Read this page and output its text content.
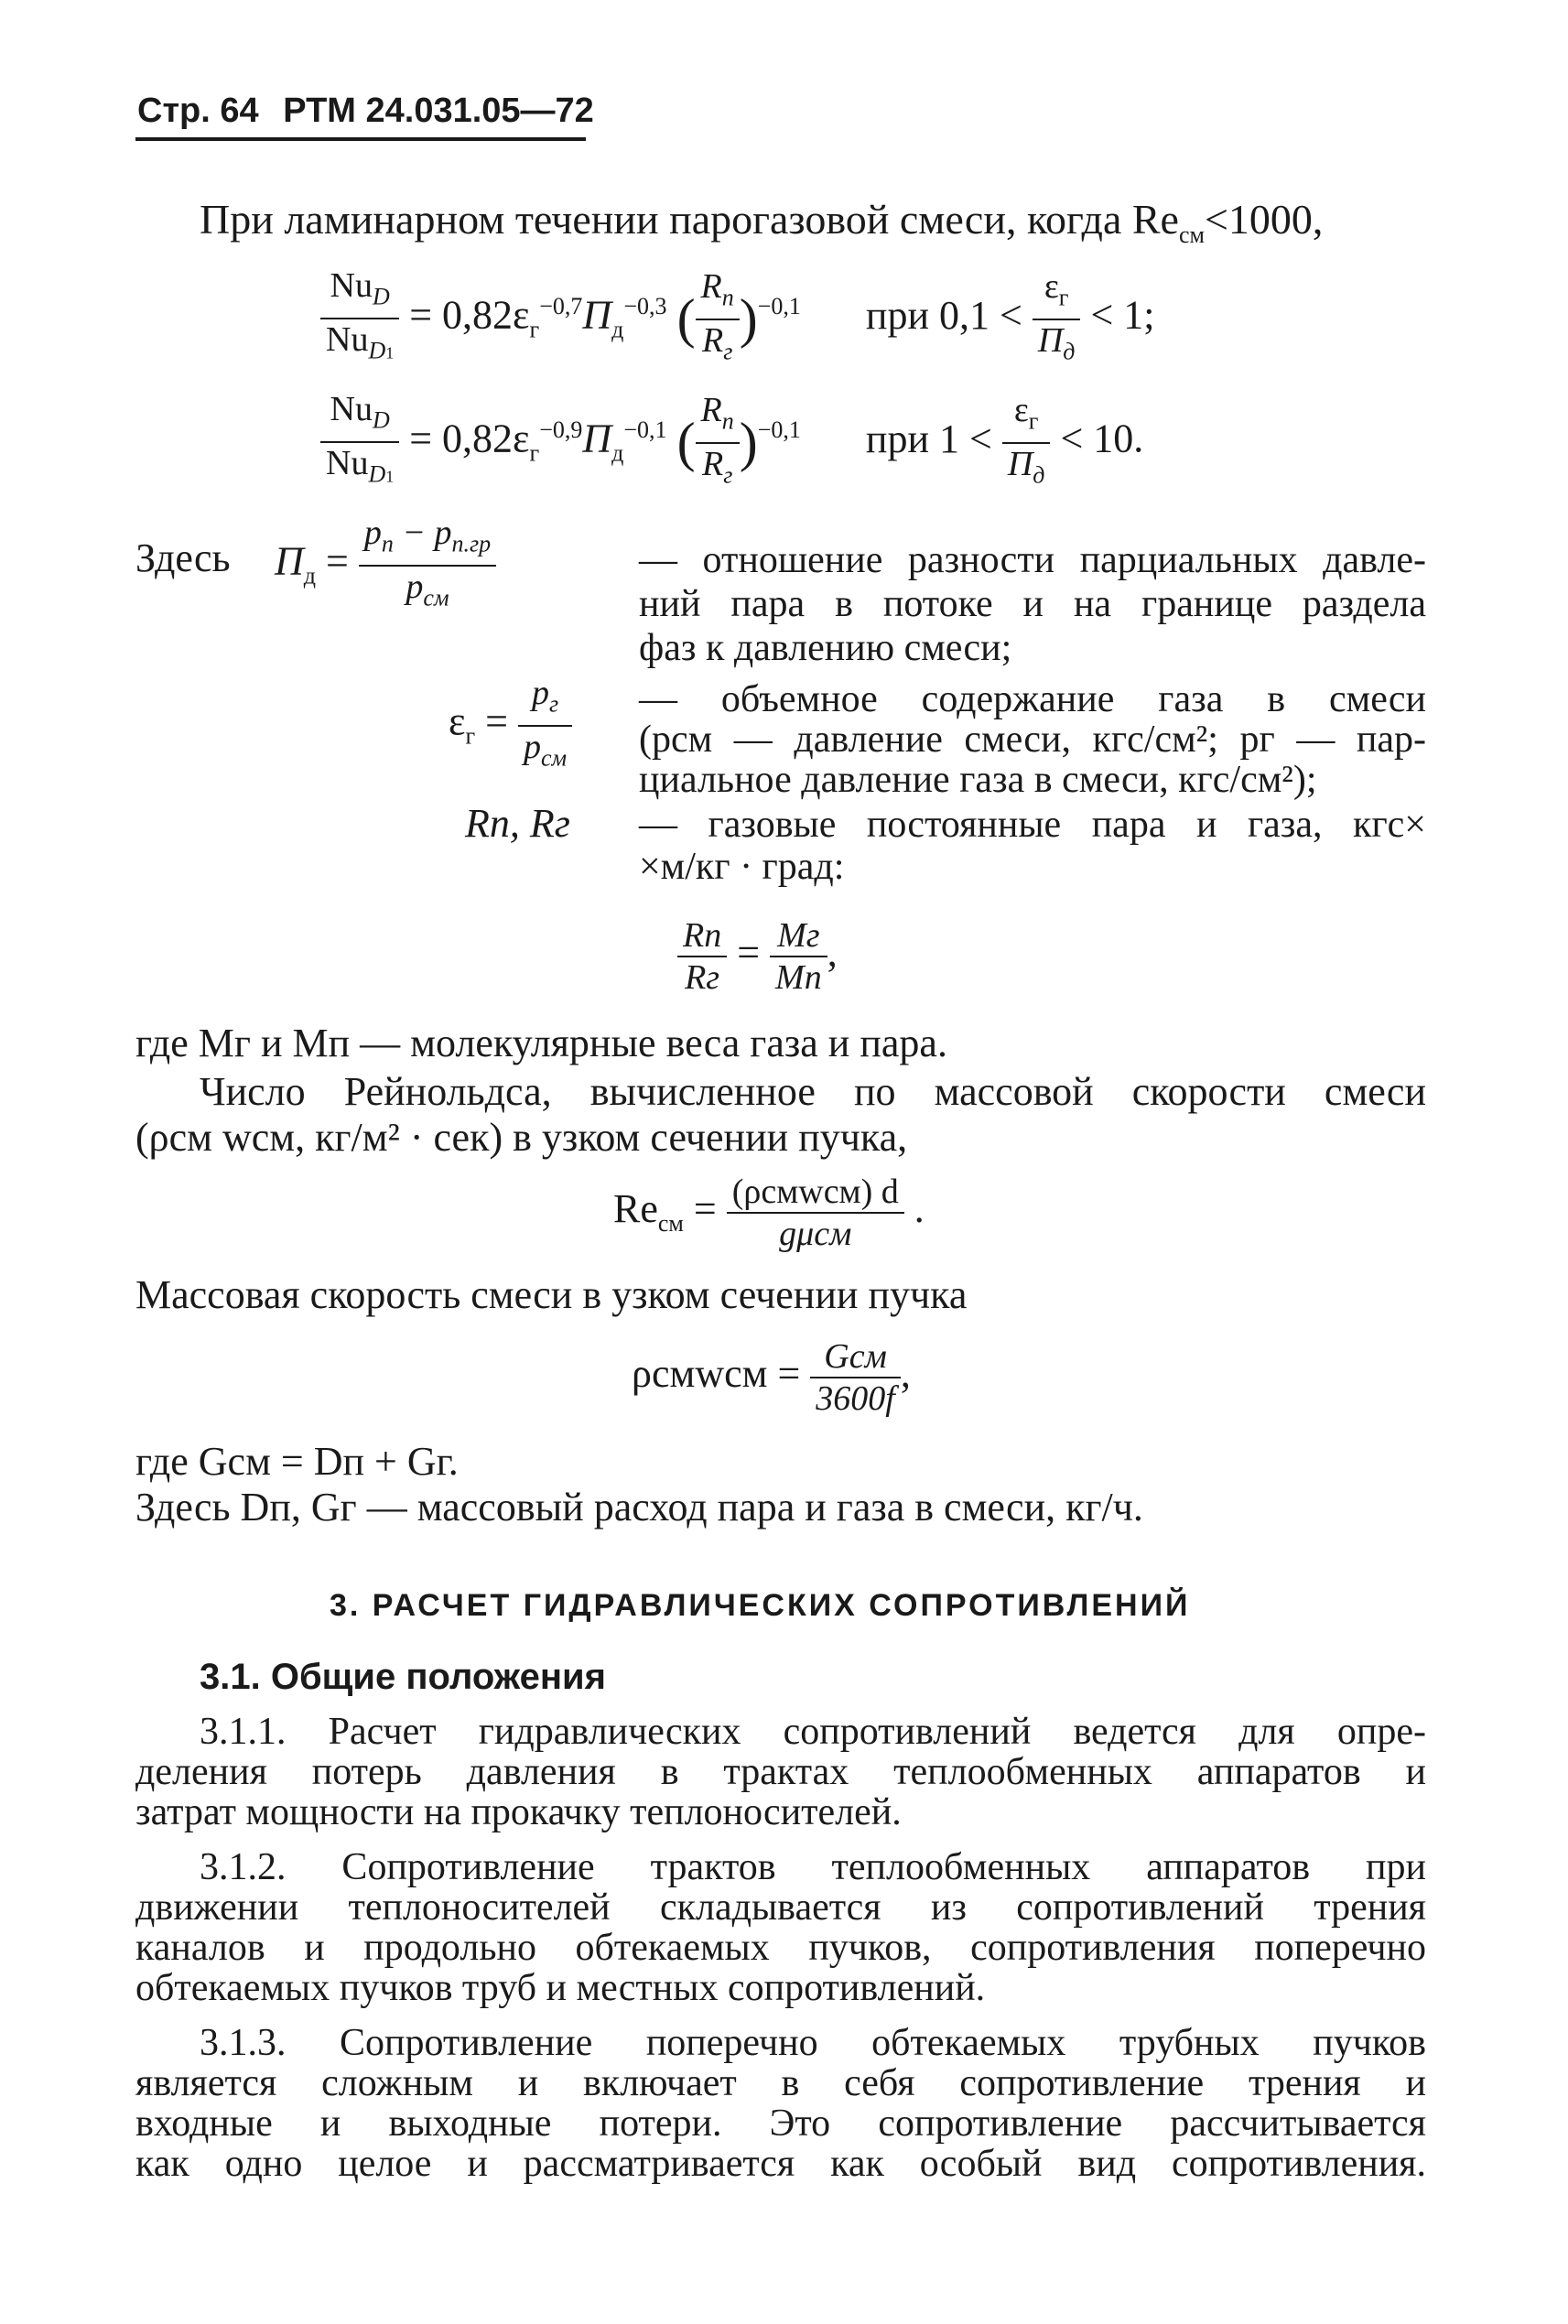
Стр. 64 РТМ 24.031.05—72
При ламинарном течении парогазовой смеси, когда $Re_{см}<1000$,
$\frac{Nu_D}{Nu_{D1}} = 0,82\varepsilon_г^{-0,7}П_д^{-0,3}$ ( $\frac{R_п}{R_г} )^{-0,1}$ при $0,1 < \frac{\varepsilon_г}{П_д} < 1$;
$\frac{Nu_D}{Nu_{D1}} = 0,82\varepsilon_г^{-0,9}П_д^{-0,1}$ ( $\frac{R_п}{R_г} )^{-0,1}$ при $1 < \frac{\varepsilon_г}{П_д} < 10$.
Здесь $П_д = \frac{p_п - p_{п.гр}}{p_{см}}$	— отношение разности парциальных давле-
ний пара в потоке и на границе раздела
фаз к давлению смеси;
$\varepsilon_г = \frac{p_г}{p_{см}}$ — объемное содержание газа в смеси
(pсм — давление смеси, кгс/см²; pг — пар-
циальное давление газа в смеси, кгс/см²);
Rп, Rг — газовые постоянные пара и газа, кгс×
×м/кг · град:
$\frac{Rп}{Rг} = \frac{Mг}{Mп}$ ,
где Mг и Mп — молекулярные веса газа и пара.
Число Рейнольдса, вычисленное по массовой скорости смеси
(ρсм wсм, кг/м² · сек) в узком сечении пучка,
$Re_{см} = \frac{\text{(ρсмwсм) d}}{\text{gμсм}}$ .
Массовая скорость смеси в узком сечении пучка
ρсмwсм = $\frac{\text{Gсм}}{3600f}$ ,
где Gсм = Dп + Gг.
Здесь Dп, Gг — массовый расход пара и газа в смеси, кг/ч.
3. РАСЧЕТ ГИДРАВЛИЧЕСКИХ СОПРОТИВЛЕНИЙ
3.1. Общие положения
3.1.1. Расчет гидравлических сопротивлений ведется для опре-
деления потерь давления в трактах теплообменных аппаратов и
затрат мощности на прокачку теплоносителей.
3.1.2. Сопротивление трактов теплообменных аппаратов при
движении теплоносителей складывается из сопротивлений трения
каналов и продольно обтекаемых пучков, сопротивления поперечно
обтекаемых пучков труб и местных сопротивлений.
3.1.3. Сопротивление поперечно обтекаемых трубных пучков
является сложным и включает в себя сопротивление трения и
входные и выходные потери. Это сопротивление рассчитывается
как одно целое и рассматривается как особый вид сопротивления.
